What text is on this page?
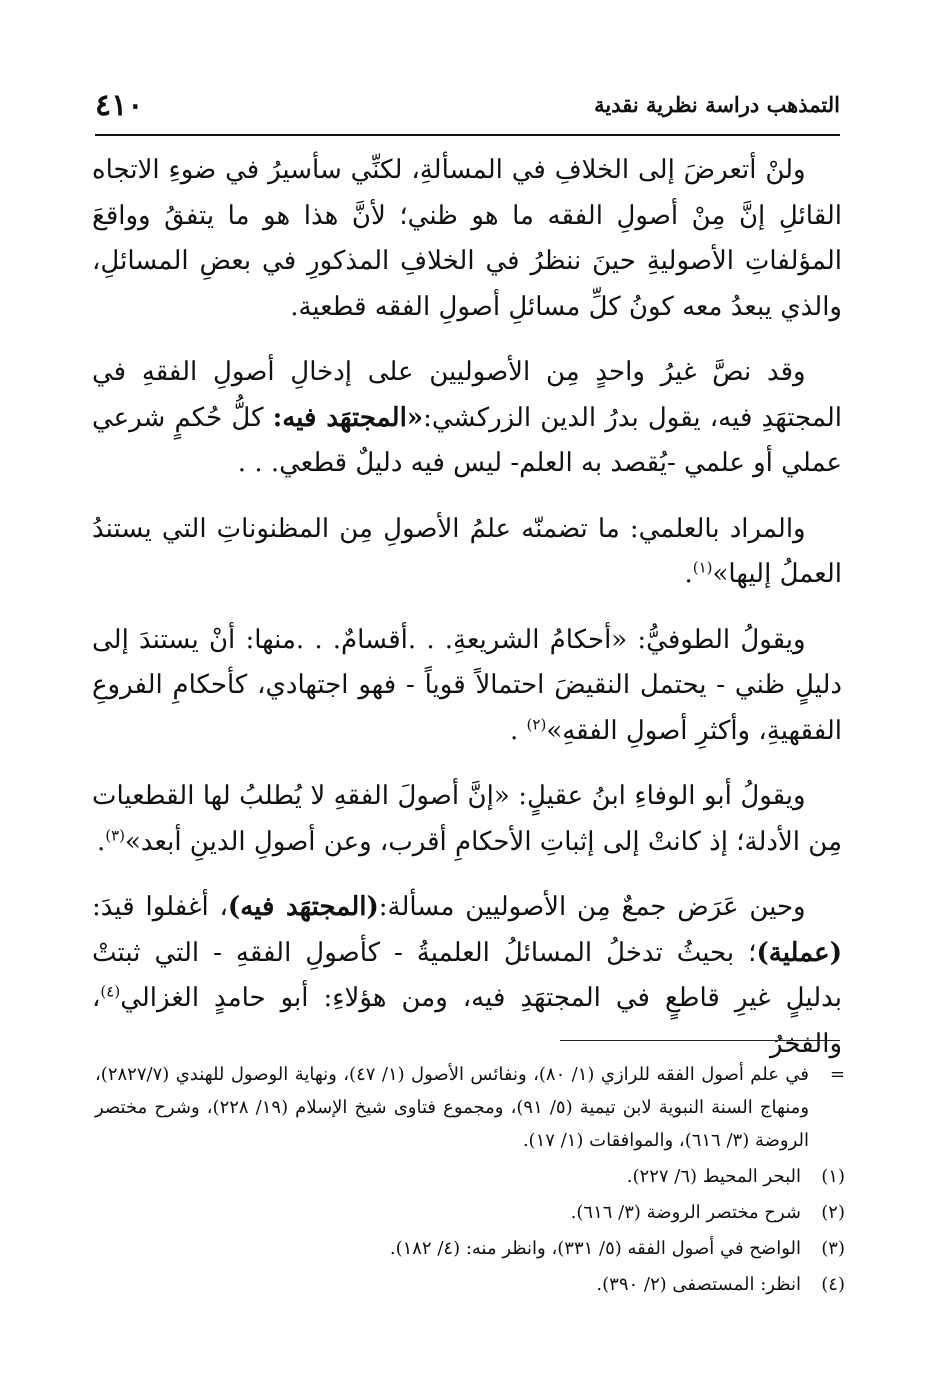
٤١٠	التمذهب دراسة نظرية نقدية

ولنْ أتعرضَ إلى الخلافِ في المسألةِ، لكنِّي سأسيرُ في ضوءِ الاتجاه القائلِ إنَّ مِنْ أصولِ الفقه ما هو ظني؛ لأنَّ هذا هو ما يتفقُ وواقعَ المؤلفاتِ الأصوليةِ حينَ ننظرُ في الخلافِ المذكورِ في بعضِ المسائلِ، والذي يبعدُ معه كونُ كلِّ مسائلِ أصولِ الفقه قطعية.

وقد نصَّ غيرُ واحدٍ مِن الأصوليين على إدخالِ أصولِ الفقهِ في المجتهَدِ فيه، يقول بدرُ الدين الزركشي:«المجتهَد فيه: كلُّ حُكمٍ شرعي عملي أو علمي -يُقصد به العلم- ليس فيه دليلٌ قطعي. . .

والمراد بالعلمي: ما تضمنّه علمُ الأصولِ مِن المظنوناتِ التي يستندُ العملُ إليها»$^{(١)}$.

ويقولُ الطوفيُّ: «أحكامُ الشريعةِ. . .أقسامٌ. . .منها: أنْ يستندَ إلى دليلٍ ظني - يحتمل النقيضَ احتمالاً قوياً - فهو اجتهادي، كأحكامِ الفروعِ الفقهيةِ، وأكثرِ أصولِ الفقهِ»$^{(٢)}$ .

ويقولُ أبو الوفاءِ ابنُ عقيلٍ: «إنَّ أصولَ الفقهِ لا يُطلبُ لها القطعيات مِن الأدلة؛ إذ كانتْ إلى إثباتِ الأحكامِ أقرب، وعن أصولِ الدينِ أبعد»$^{(٣)}$.

وحين عَرَض جمعٌ مِن الأصوليين مسألة:(المجتهَد فيه)، أغفلوا قيدَ: (عملية)؛ بحيثُ تدخلُ المسائلُ العلميةُ - كأصولِ الفقهِ - التي ثبتتْ بدليلٍ غيرِ قاطعٍ في المجتهَدِ فيه، ومن هؤلاءِ: أبو حامدٍ الغزالي$^{(٤)}$، والفخرُ

=
في علم أصول الفقه للرازي (١/ ٨٠)، ونفائس الأصول (١/ ٤٧)، ونهاية الوصول للهندي (٢٨٢٧/٧)، ومنهاج السنة النبوية لابن تيمية (٥/ ٩١)، ومجموع فتاوى شيخ الإسلام (١٩/ ٢٢٨)، وشرح مختصر الروضة (٣/ ٦١٦)، والموافقات (١/ ١٧).
(١)
البحر المحيط (٦/ ٢٢٧).
(٢)
شرح مختصر الروضة (٣/ ٦١٦).
(٣)
الواضح في أصول الفقه (٥/ ٣٣١)، وانظر منه: (٤/ ١٨٢).
(٤)
انظر: المستصفى (٢/ ٣٩٠).
